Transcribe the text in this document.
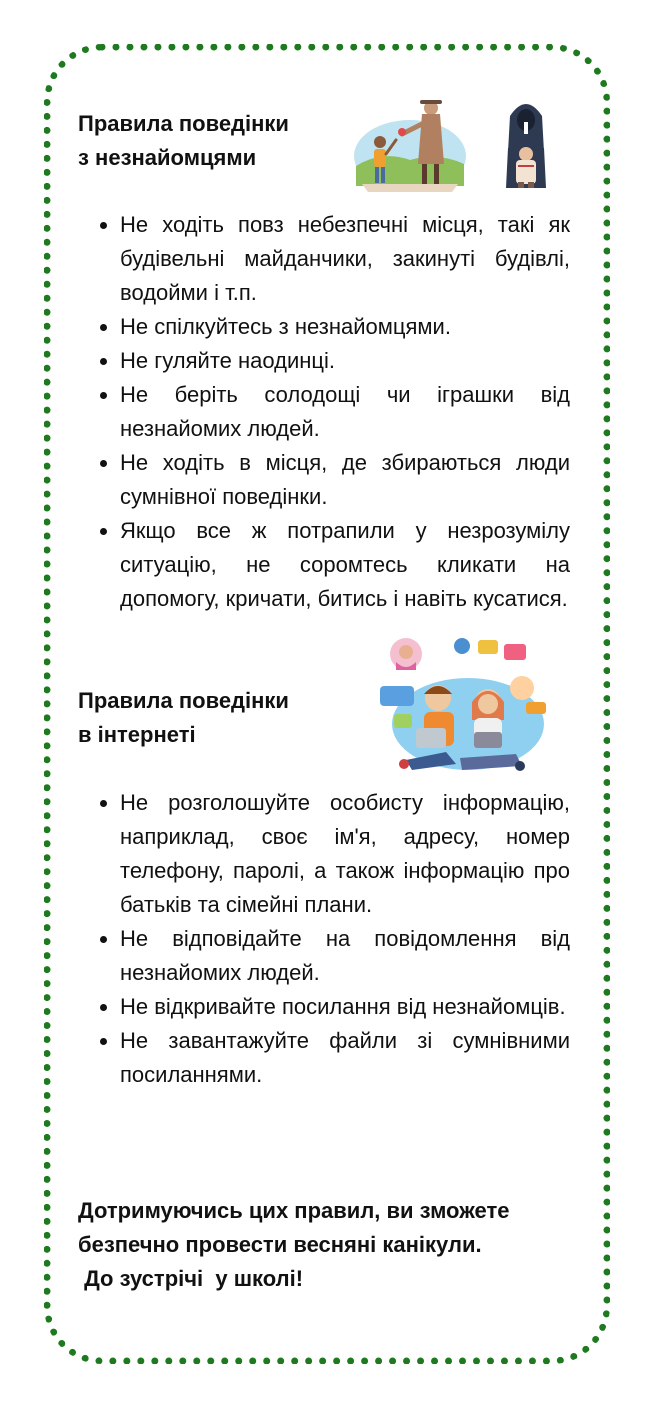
Правила поведінки
з незнайомцями
• Не ходіть повз небезпечні місця, такі як будівельні майданчики, закинуті будівлі, водойми і т.п.
• Не спілкуйтесь з незнайомцями.
• Не гуляйте наодинці.
• Не беріть солодощі чи іграшки від незнайомих людей.
• Не ходіть в місця, де збираються люди сумнівної поведінки.
• Якщо все ж потрапили у незрозумілу ситуацію, не соромтесь кликати на допомогу, кричати, битись і навіть кусатися.
Правила поведінки
в інтернеті
• Не розголошуйте особисту інформацію, наприклад, своє ім'я, адресу, номер телефону, паролі, а також інформацію про батьків та сімейні плани.
• Не відповідайте на повідомлення від незнайомих людей.
• Не відкривайте посилання від незнайомців.
• Не завантажуйте файли зі сумнівними посиланнями.
Дотримуючись цих правил, ви зможете
безпечно провести весняні канікули.
До зустрічі  у школі!
